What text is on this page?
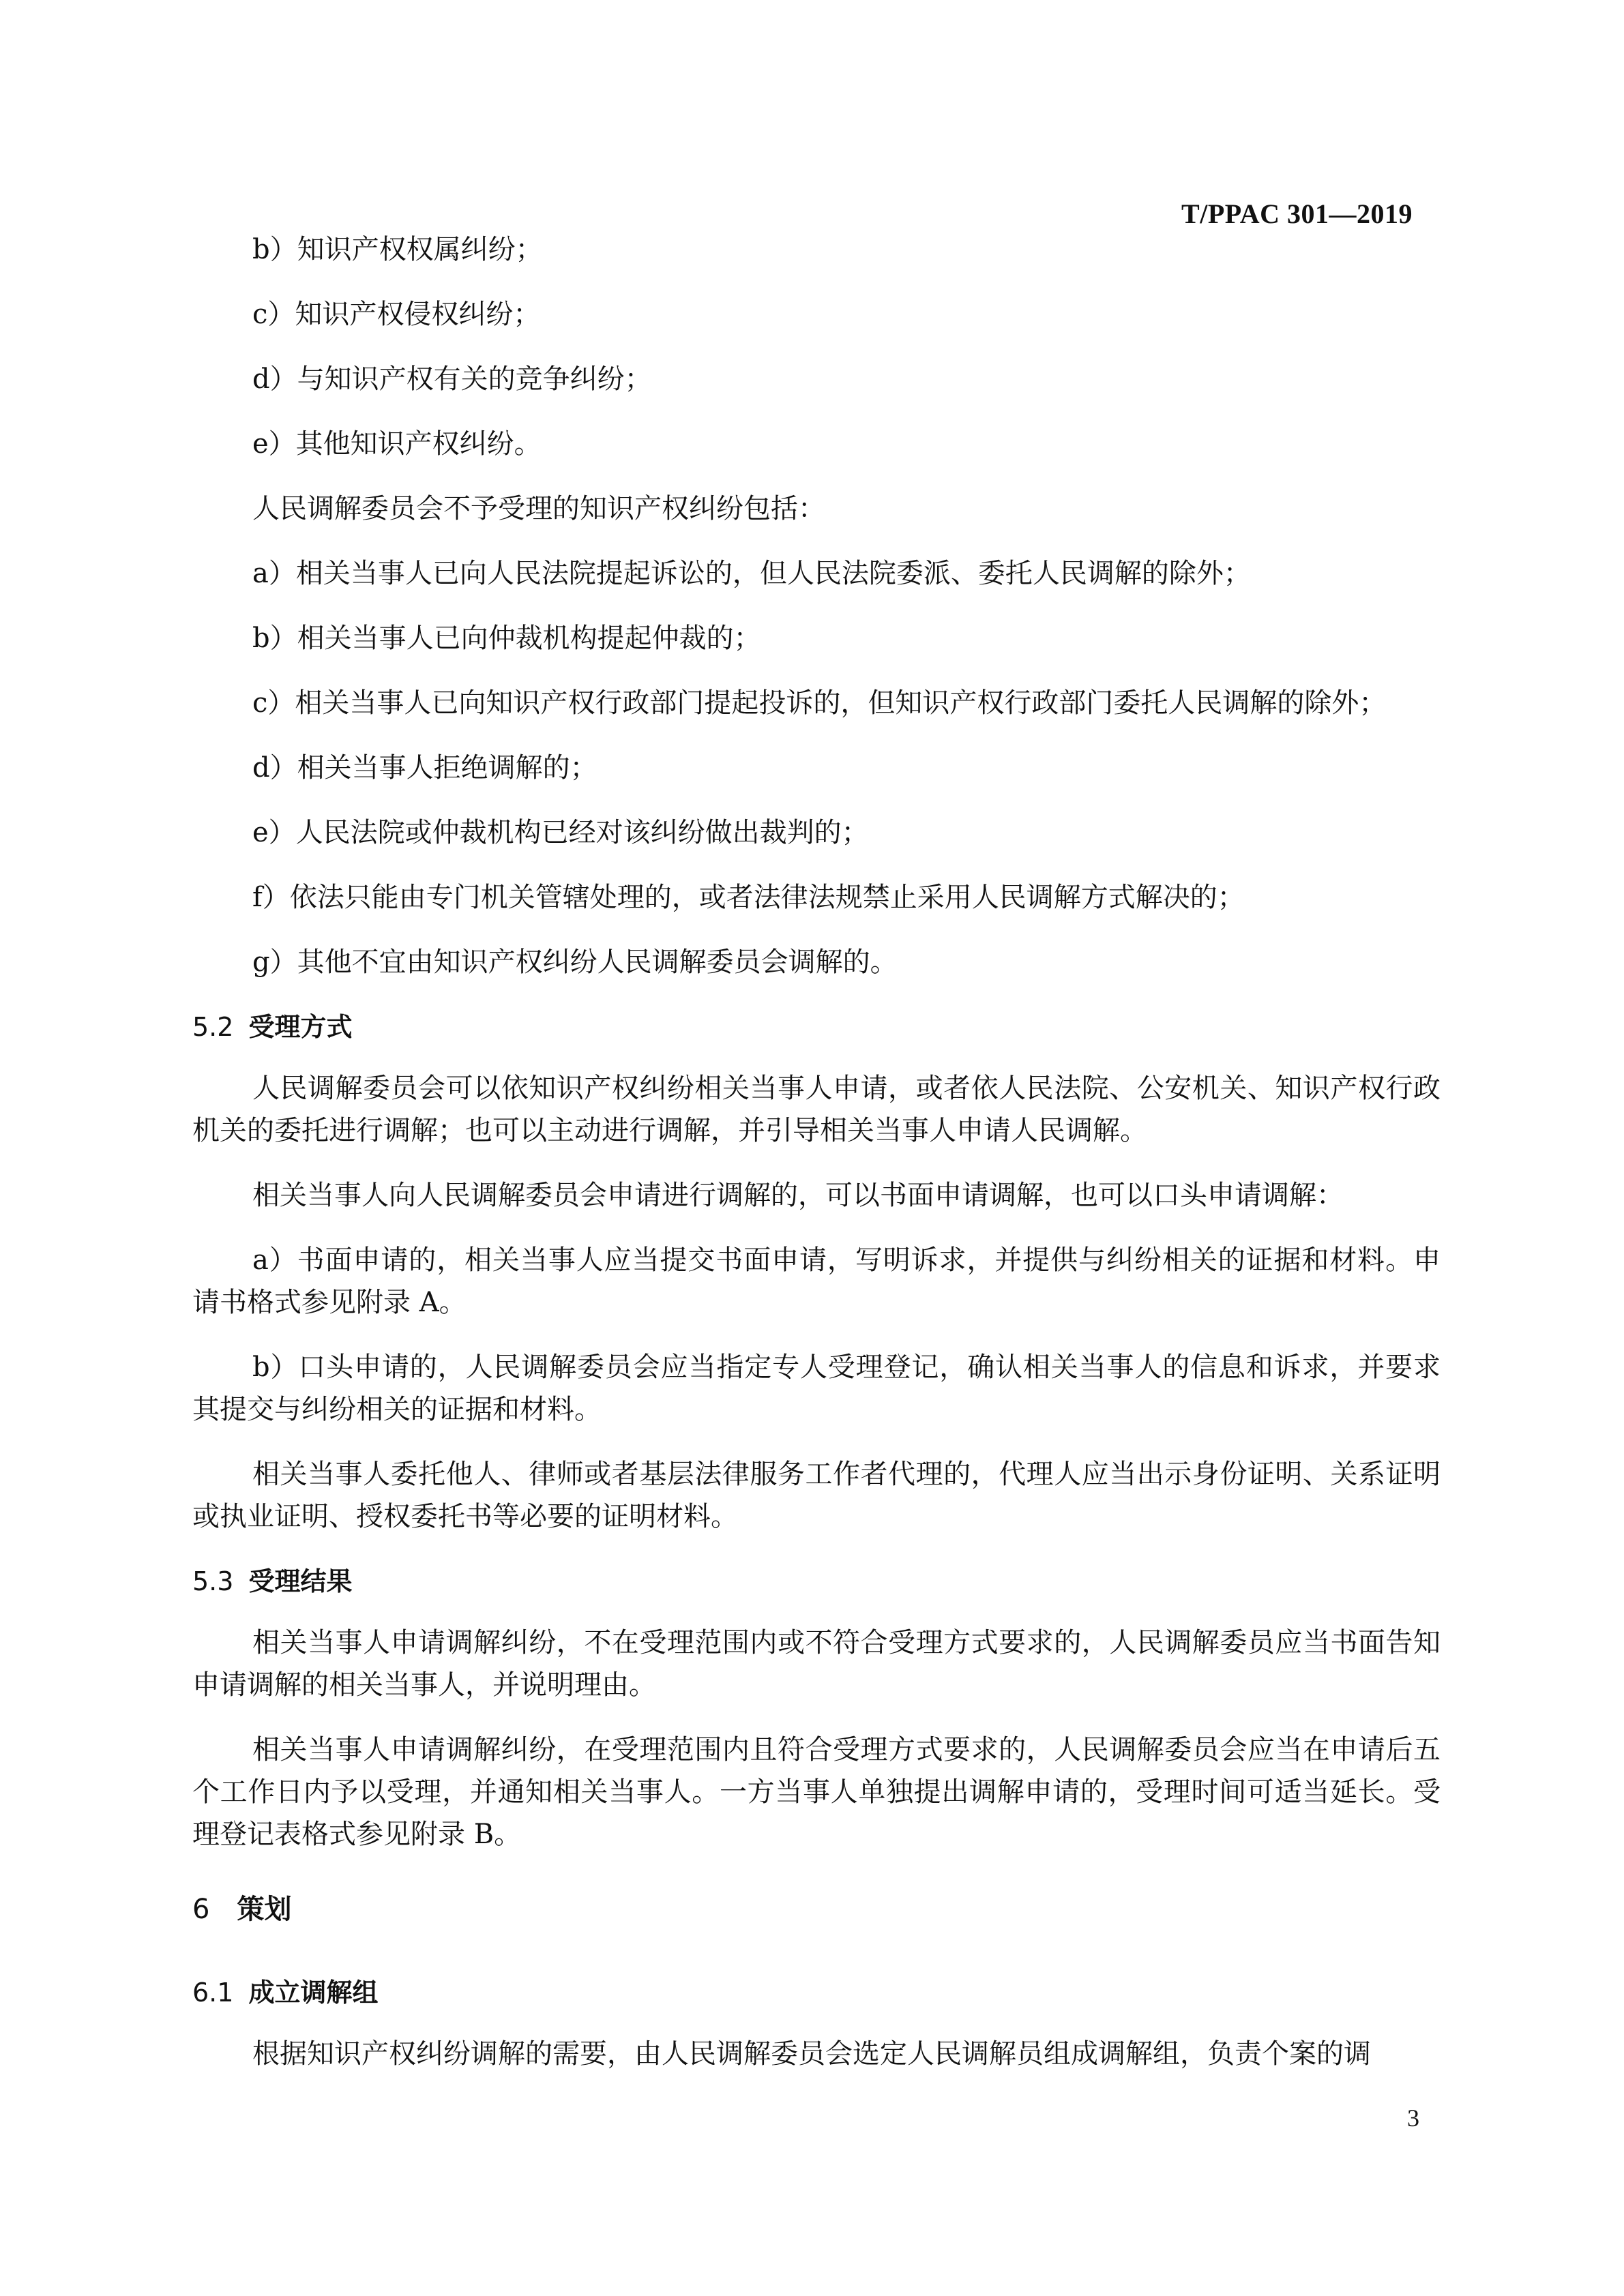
T/PPAC 301—2019

b）知识产权权属纠纷；

c）知识产权侵权纠纷；

d）与知识产权有关的竞争纠纷；

e）其他知识产权纠纷。

人民调解委员会不予受理的知识产权纠纷包括：

a）相关当事人已向人民法院提起诉讼的，但人民法院委派、委托人民调解的除外；

b）相关当事人已向仲裁机构提起仲裁的；

c）相关当事人已向知识产权行政部门提起投诉的，但知识产权行政部门委托人民调解的除外；

d）相关当事人拒绝调解的；

e）人民法院或仲裁机构已经对该纠纷做出裁判的；

f）依法只能由专门机关管辖处理的，或者法律法规禁止采用人民调解方式解决的；

g）其他不宜由知识产权纠纷人民调解委员会调解的。

5.2 受理方式

人民调解委员会可以依知识产权纠纷相关当事人申请，或者依人民法院、公安机关、知识产权行政机关的委托进行调解；也可以主动进行调解，并引导相关当事人申请人民调解。

相关当事人向人民调解委员会申请进行调解的，可以书面申请调解，也可以口头申请调解：

a）书面申请的，相关当事人应当提交书面申请，写明诉求，并提供与纠纷相关的证据和材料。申请书格式参见附录 A。

b）口头申请的，人民调解委员会应当指定专人受理登记，确认相关当事人的信息和诉求，并要求其提交与纠纷相关的证据和材料。

相关当事人委托他人、律师或者基层法律服务工作者代理的，代理人应当出示身份证明、关系证明或执业证明、授权委托书等必要的证明材料。

5.3 受理结果

相关当事人申请调解纠纷，不在受理范围内或不符合受理方式要求的，人民调解委员应当书面告知申请调解的相关当事人，并说明理由。

相关当事人申请调解纠纷，在受理范围内且符合受理方式要求的，人民调解委员会应当在申请后五个工作日内予以受理，并通知相关当事人。一方当事人单独提出调解申请的，受理时间可适当延长。受理登记表格式参见附录 B。

6 策划
6.1 成立调解组

根据知识产权纠纷调解的需要，由人民调解委员会选定人民调解员组成调解组，负责个案的调

3
